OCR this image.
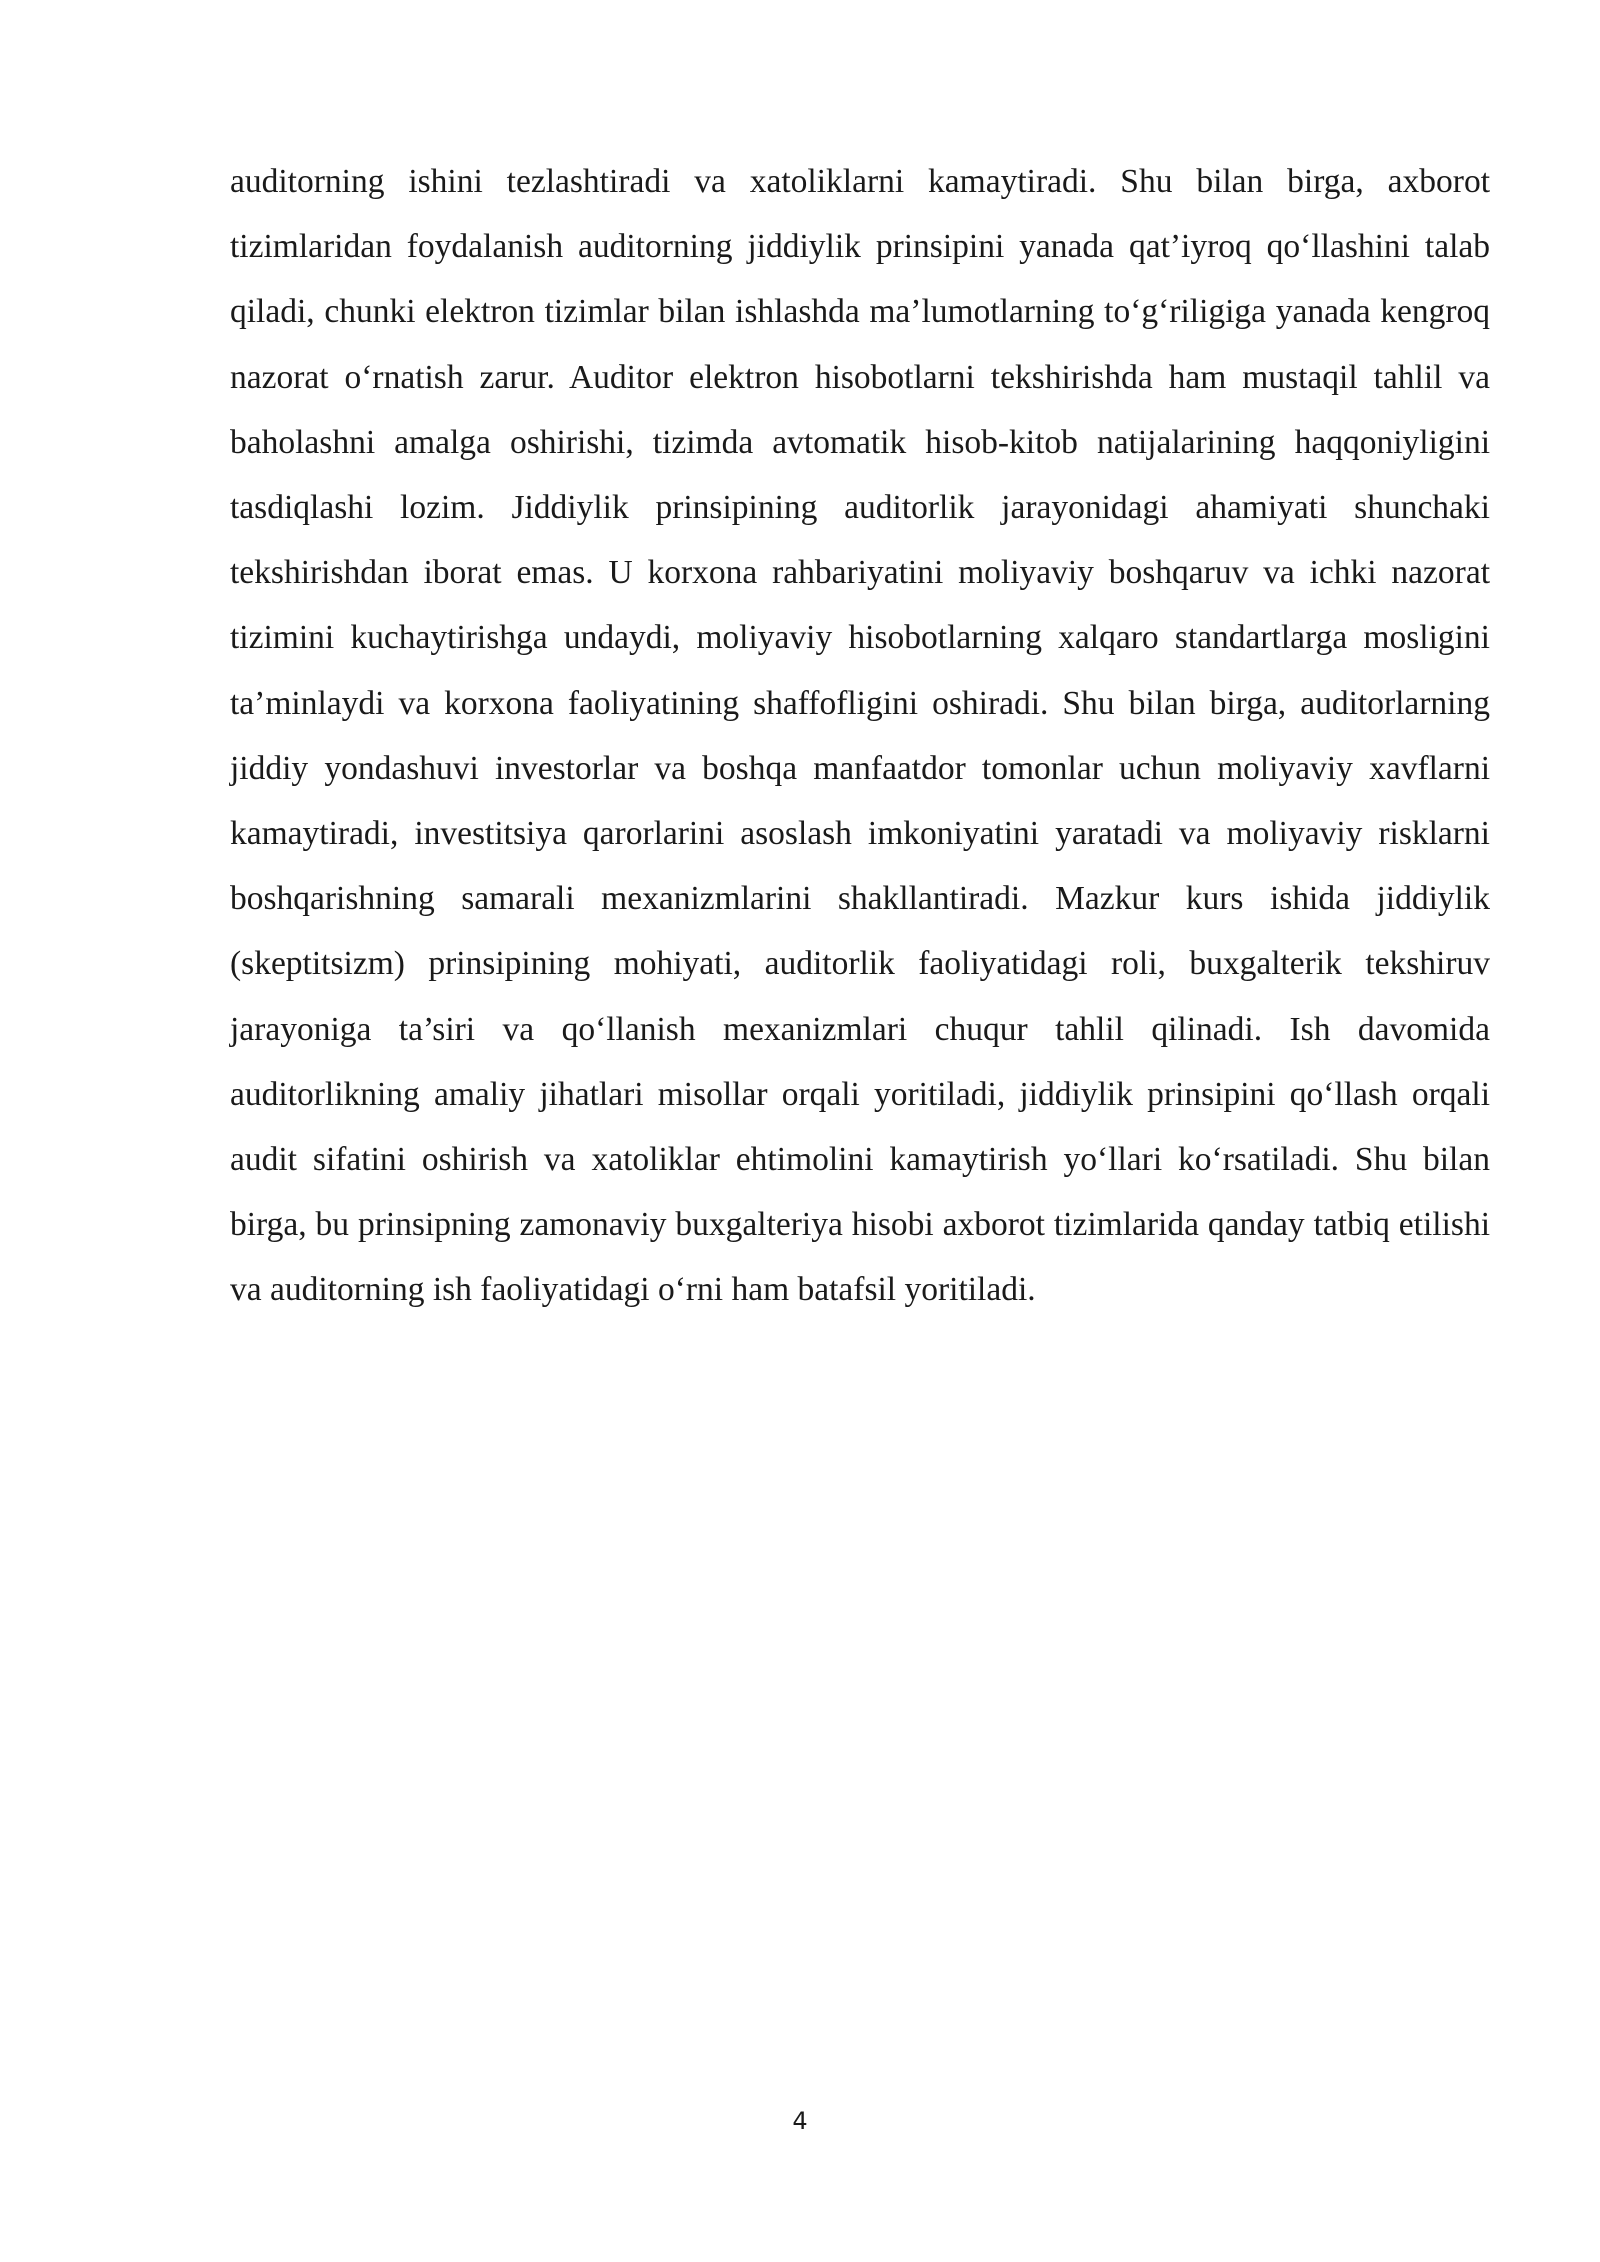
auditorning ishini tezlashtiradi va xatoliklarni kamaytiradi. Shu bilan birga, axborot tizimlaridan foydalanish auditorning jiddiylik prinsipini yanada qat’iyroq qo‘llashini talab qiladi, chunki elektron tizimlar bilan ishlashda ma’lumotlarning to‘g‘riligiga yanada kengroq nazorat o‘rnatish zarur. Auditor elektron hisobotlarni tekshirishda ham mustaqil tahlil va baholashni amalga oshirishi, tizimda avtomatik hisob-kitob natijalarining haqqoniyligini tasdiqlashi lozim. Jiddiylik prinsipining auditorlik jarayonidagi ahamiyati shunchaki tekshirishdan iborat emas. U korxona rahbariyatini moliyaviy boshqaruv va ichki nazorat tizimini kuchaytirishga undaydi, moliyaviy hisobotlarning xalqaro standartlarga mosligini ta’minlaydi va korxona faoliyatining shaffofligini oshiradi. Shu bilan birga, auditorlarning jiddiy yondashuvi investorlar va boshqa manfaatdor tomonlar uchun moliyaviy xavflarni kamaytiradi, investitsiya qarorlarini asoslash imkoniyatini yaratadi va moliyaviy risklarni boshqarishning samarali mexanizmlarini shakllantiradi. Mazkur kurs ishida jiddiylik (skeptitsizm) prinsipining mohiyati, auditorlik faoliyatidagi roli, buxgalterik tekshiruv jarayoniga ta’siri va qo‘llanish mexanizmlari chuqur tahlil qilinadi. Ish davomida auditorlikning amaliy jihatlari misollar orqali yoritiladi, jiddiylik prinsipini qo‘llash orqali audit sifatini oshirish va xatoliklar ehtimolini kamaytirish yo‘llari ko‘rsatiladi. Shu bilan birga, bu prinsipning zamonaviy buxgalteriya hisobi axborot tizimlarida qanday tatbiq etilishi va auditorning ish faoliyatidagi o‘rni ham batafsil yoritiladi.

4
